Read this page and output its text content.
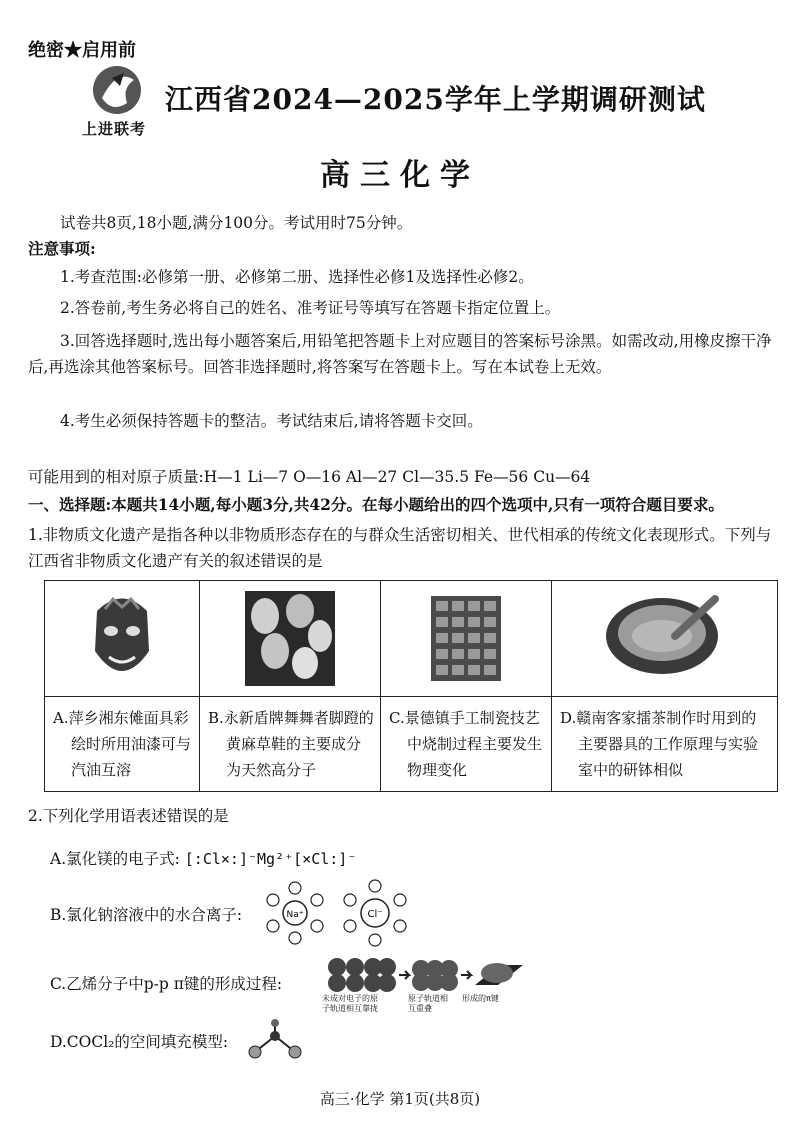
绝密★启用前
上进联考
江西省2024—2025学年上学期调研测试
高三化学
试卷共8页,18小题,满分100分。考试用时75分钟。
注意事项:
1.考查范围:必修第一册、必修第二册、选择性必修1及选择性必修2。
2.答卷前,考生务必将自己的姓名、准考证号等填写在答题卡指定位置上。
3.回答选择题时,选出每小题答案后,用铅笔把答题卡上对应题目的答案标号涂黑。如需改动,用橡皮擦干净后,再选涂其他答案标号。回答非选择题时,将答案写在答题卡上。写在本试卷上无效。
4.考生必须保持答题卡的整洁。考试结束后,请将答题卡交回。
可能用到的相对原子质量:H—1 Li—7 O—16 Al—27 Cl—35.5 Fe—56 Cu—64
一、选择题:本题共14小题,每小题3分,共42分。在每小题给出的四个选项中,只有一项符合题目要求。
1.非物质文化遗产是指各种以非物质形态存在的与群众生活密切相关、世代相承的传统文化表现形式。下列与江西省非物质文化遗产有关的叙述错误的是
A.萍乡湘东傩面具彩绘时所用油漆可与汽油互溶
B.永新盾牌舞舞者脚蹬的黄麻草鞋的主要成分为天然高分子
C.景德镇手工制瓷技艺中烧制过程主要发生物理变化
D.赣南客家擂茶制作时用到的主要器具的工作原理与实验室中的研钵相似
2.下列化学用语表述错误的是
A.氯化镁的电子式: [:Cl×:]⁻Mg²⁺[×Cl:]⁻
B.氯化钠溶液中的水合离子:	Na⁺	Cl⁻
C.乙烯分子中p-p π键的形成过程:
未成对电子的原子轨道相互靠拢
原子轨道相互重叠
形成的π键
D.COCl₂的空间填充模型:
高三·化学 第1页(共8页)
